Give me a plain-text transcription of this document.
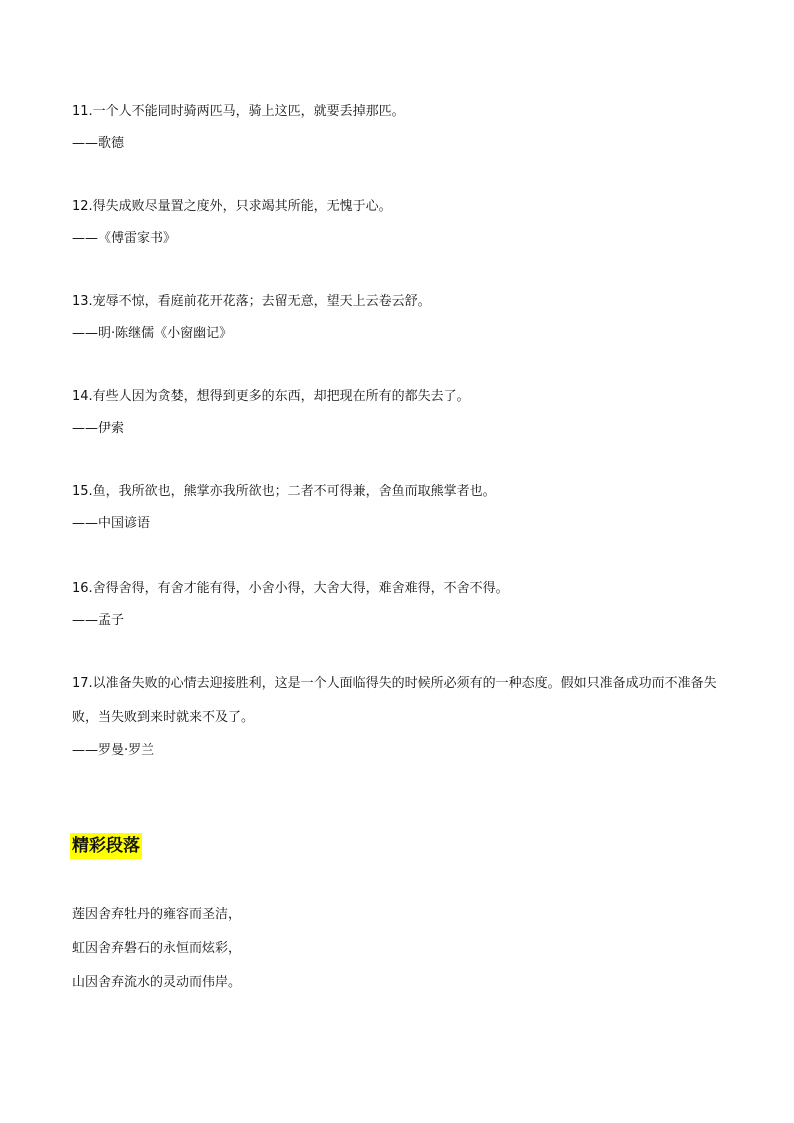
11.一个人不能同时骑两匹马，骑上这匹，就要丢掉那匹。
——歌德
12.得失成败尽量置之度外，只求竭其所能，无愧于心。
——《傅雷家书》
13.宠辱不惊，看庭前花开花落；去留无意，望天上云卷云舒。
——明·陈继儒《小窗幽记》
14.有些人因为贪婪，想得到更多的东西，却把现在所有的都失去了。
——伊索
15.鱼，我所欲也，熊掌亦我所欲也；二者不可得兼，舍鱼而取熊掌者也。
——中国谚语
16.舍得舍得，有舍才能有得，小舍小得，大舍大得，难舍难得，不舍不得。
——孟子
17.以准备失败的心情去迎接胜利，这是一个人面临得失的时候所必须有的一种态度。假如只准备成功而不准备失败，当失败到来时就来不及了。
——罗曼·罗兰
精彩段落
莲因舍弃牡丹的雍容而圣洁，
虹因舍弃磐石的永恒而炫彩，
山因舍弃流水的灵动而伟岸。
